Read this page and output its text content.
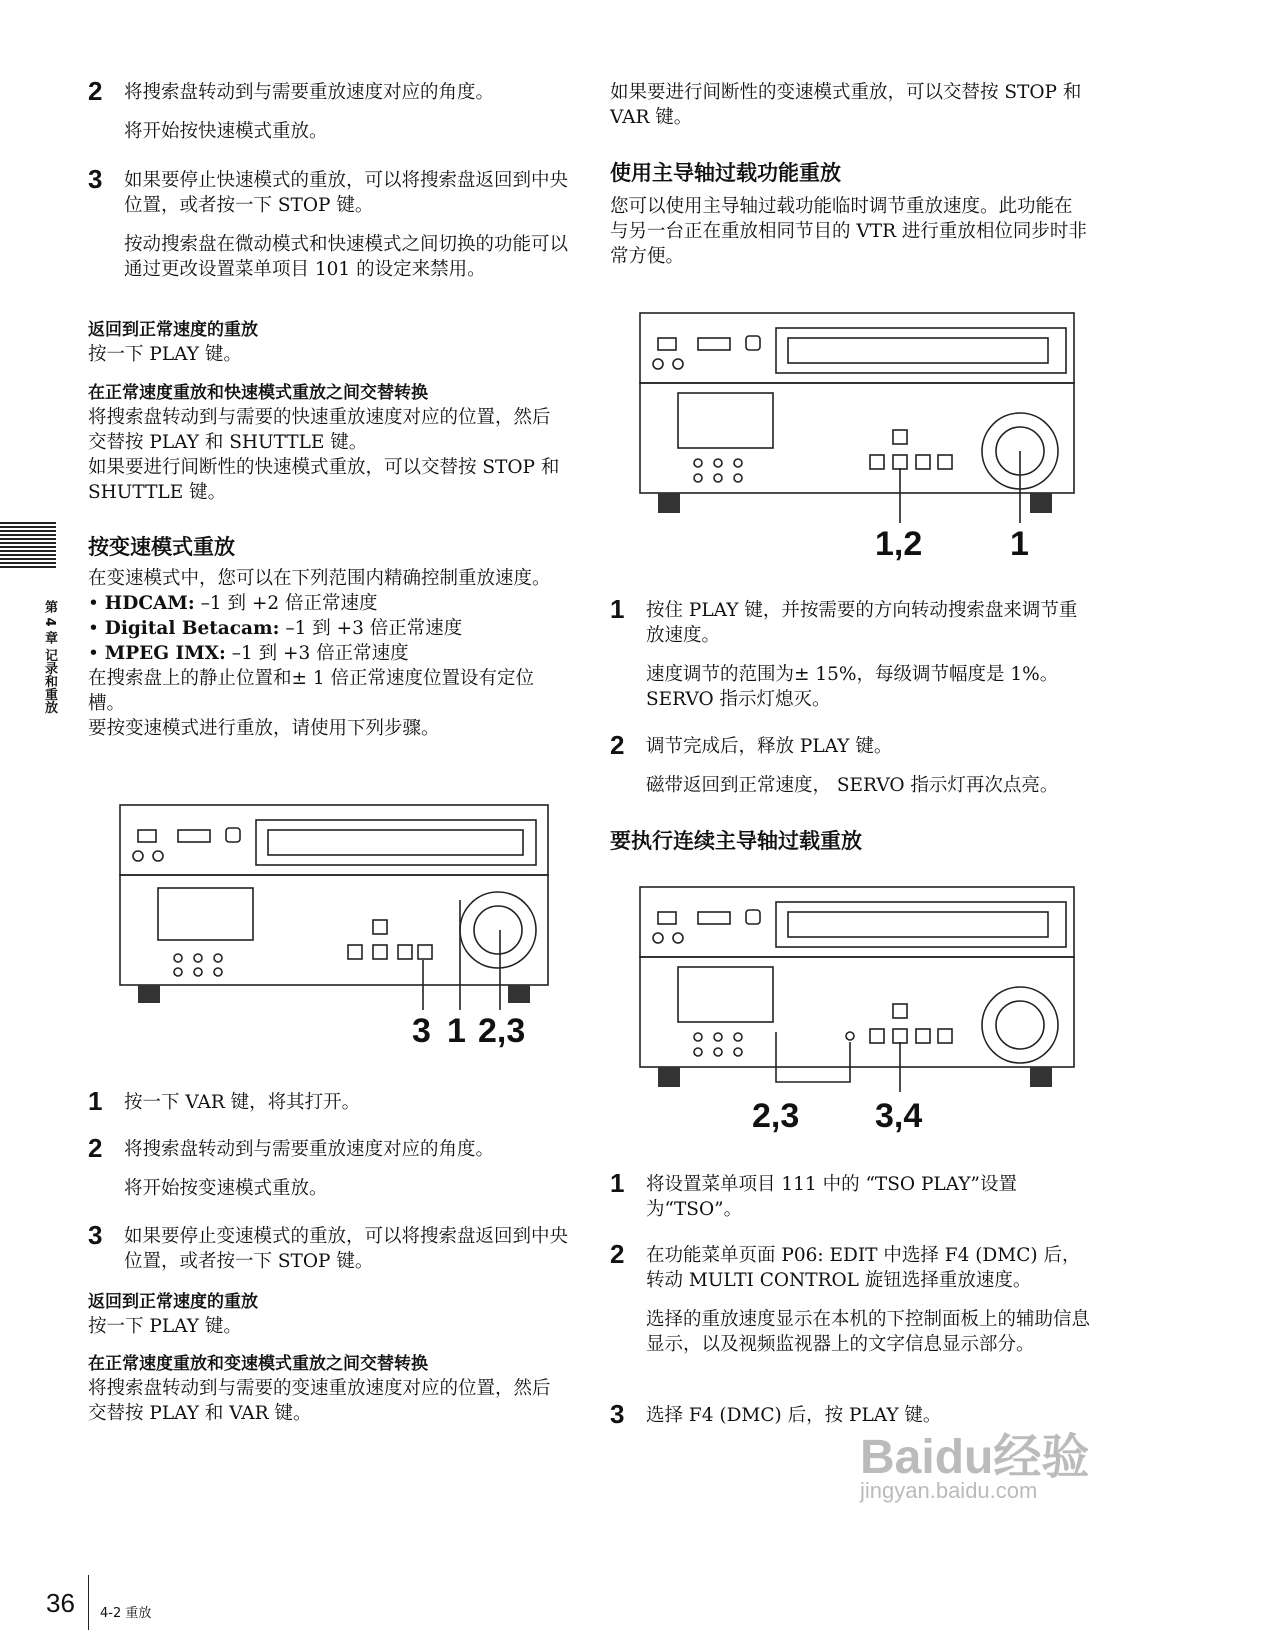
2 将搜索盘转动到与需要重放速度对应的角度。

将开始按快速模式重放。

3 如果要停止快速模式的重放，可以将搜索盘返回到中央位置，或者按一下 STOP 键。

按动搜索盘在微动模式和快速模式之间切换的功能可以通过更改设置菜单项目 101 的设定来禁用。

返回到正常速度的重放

按一下 PLAY 键。

在正常速度重放和快速模式重放之间交替转换

将搜索盘转动到与需要的快速重放速度对应的位置，然后交替按 PLAY 和 SHUTTLE 键。

如果要进行间断性的快速模式重放，可以交替按 STOP 和 SHUTTLE 键。

按变速模式重放

在变速模式中，您可以在下列范围内精确控制重放速度。

• HDCAM: –1 到 +2 倍正常速度
• Digital Betacam: –1 到 +3 倍正常速度
• MPEG IMX: –1 到 +3 倍正常速度

在搜索盘上的静止位置和± 1 倍正常速度位置设有定位槽。

要按变速模式进行重放，请使用下列步骤。

3 1 2,3
1 按一下 VAR 键，将其打开。

2 将搜索盘转动到与需要重放速度对应的角度。

将开始按变速模式重放。

3 如果要停止变速模式的重放，可以将搜索盘返回到中央位置，或者按一下 STOP 键。

返回到正常速度的重放

按一下 PLAY 键。

在正常速度重放和变速模式重放之间交替转换

将搜索盘转动到与需要的变速重放速度对应的位置，然后交替按 PLAY 和 VAR 键。

如果要进行间断性的变速模式重放，可以交替按 STOP 和 VAR 键。

使用主导轴过载功能重放

您可以使用主导轴过载功能临时调节重放速度。此功能在与另一台正在重放相同节目的 VTR 进行重放相位同步时非常方便。

1,2	1
1 按住 PLAY 键，并按需要的方向转动搜索盘来调节重放速度。

速度调节的范围为± 15%，每级调节幅度是 1%。SERVO 指示灯熄灭。

2 调节完成后，释放 PLAY 键。

磁带返回到正常速度， SERVO 指示灯再次点亮。

要执行连续主导轴过载重放
2,3 3,4
1 将设置菜单项目 111 中的 “TSO PLAY”设置为“TSO”。

2 在功能菜单页面 P06: EDIT 中选择 F4 (DMC) 后，转动 MULTI CONTROL 旋钮选择重放速度。

选择的重放速度显示在本机的下控制面板上的辅助信息显示，以及视频监视器上的文字信息显示部分。

3 选择 F4 (DMC) 后，按 PLAY 键。

第 4 章 记录和重放
36 4-2 重放
Baidu经验
jingyan.baidu.com
